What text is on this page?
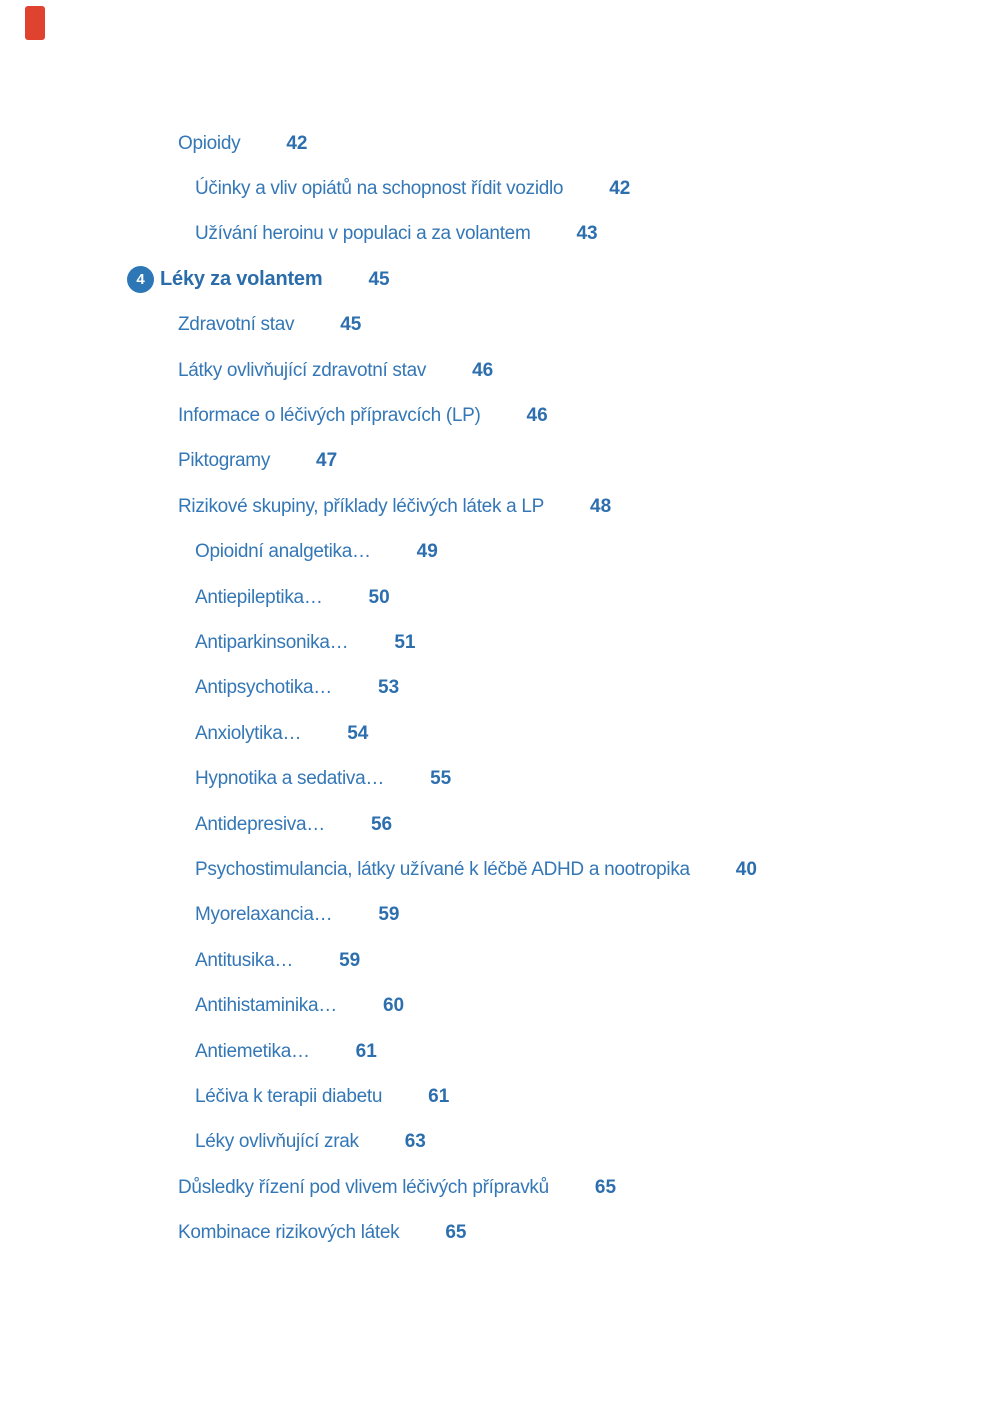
Opioidy 42
Účinky a vliv opiátů na schopnost řídit vozidlo 42
Užívání heroinu v populaci a za volantem 43
4 Léky za volantem 45
Zdravotní stav 45
Látky ovlivňující zdravotní stav 46
Informace o léčivých přípravcích (LP) 46
Piktogramy 47
Rizikové skupiny, příklady léčivých látek a LP 48
Opioidní analgetika… 49
Antiepileptika… 50
Antiparkinsonika… 51
Antipsychotika… 53
Anxiolytika… 54
Hypnotika a sedativa… 55
Antidepresiva… 56
Psychostimulancia, látky užívané k léčbě ADHD a nootropika 40
Myorelaxancia… 59
Antitusika… 59
Antihistaminika… 60
Antiemetika… 61
Léčiva k terapii diabetu 61
Léky ovlivňující zrak 63
Důsledky řízení pod vlivem léčivých přípravků 65
Kombinace rizikových látek 65
